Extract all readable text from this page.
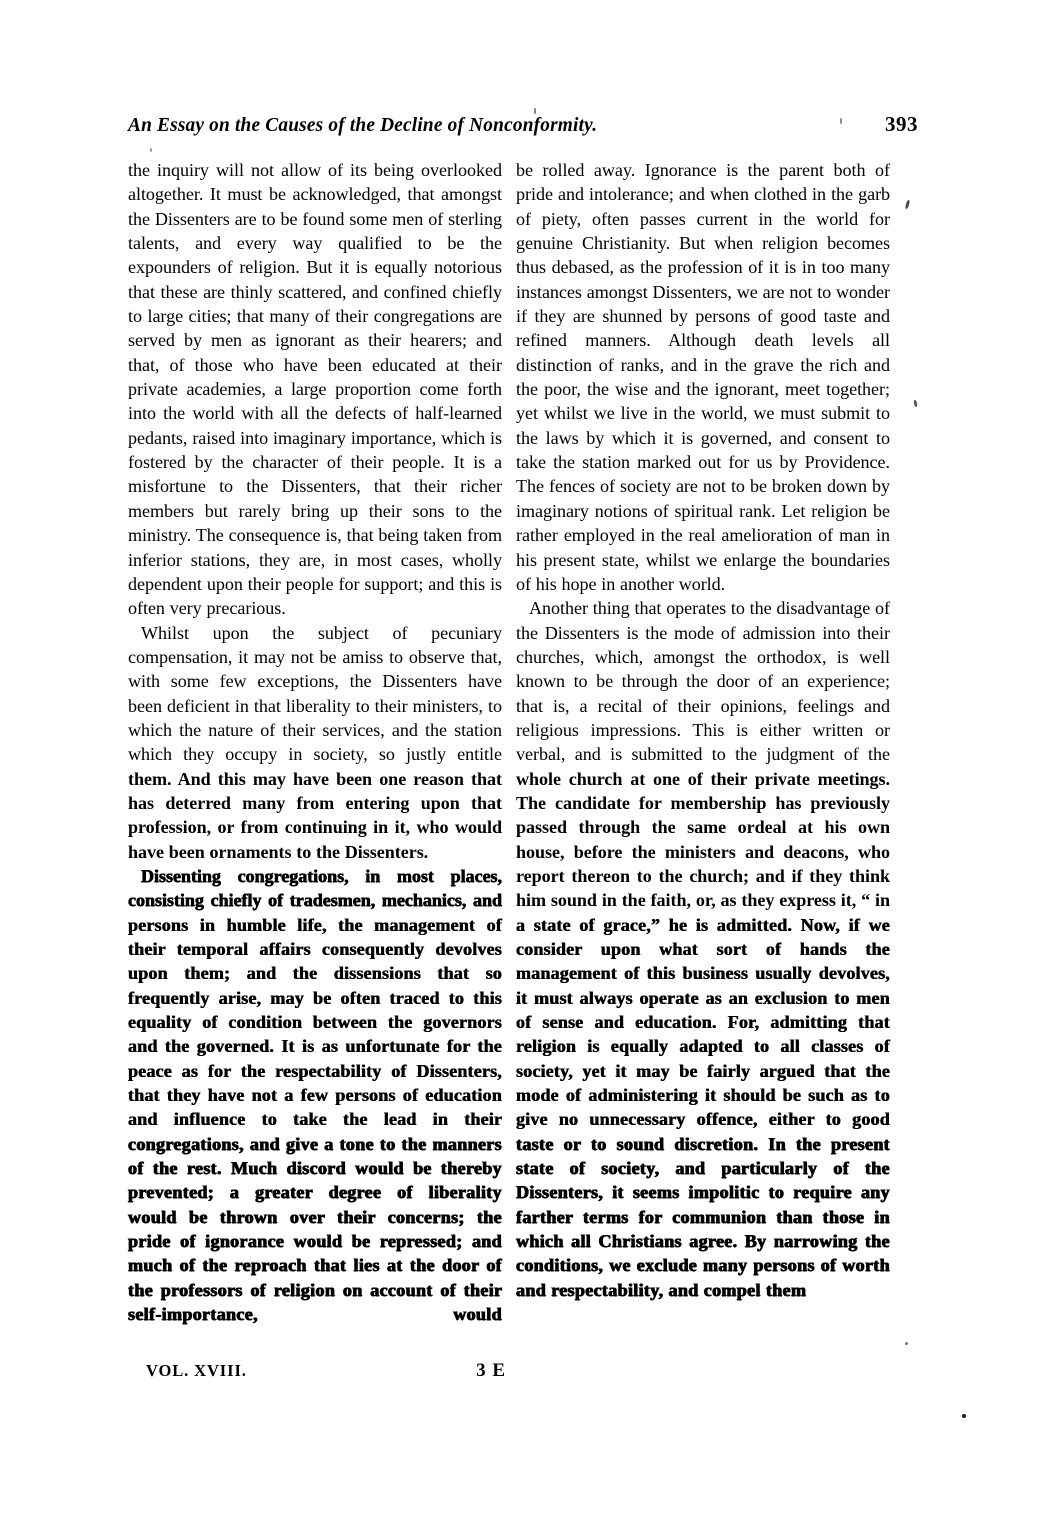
An Essay on the Causes of the Decline of Nonconformity.	393

the inquiry will not allow of its being overlooked altogether. It must be acknowledged, that amongst the Dissenters are to be found some men of sterling talents, and every way qualified to be the expounders of religion. But it is equally notorious that these are thinly scattered, and confined chiefly to large cities; that many of their congregations are served by men as ignorant as their hearers; and that, of those who have been educated at their private academies, a large proportion come forth into the world with all the defects of half-learned pedants, raised into imaginary importance, which is fostered by the character of their people. It is a misfortune to the Dissenters, that their richer members but rarely bring up their sons to the ministry. The consequence is, that being taken from inferior stations, they are, in most cases, wholly dependent upon their people for support; and this is often very precarious.

Whilst upon the subject of pecuniary compensation, it may not be amiss to observe that, with some few exceptions, the Dissenters have been deficient in that liberality to their ministers, to which the nature of their services, and the station which they occupy in society, so justly entitle them. And this may have been one reason that has deterred many from entering upon that profession, or from continuing in it, who would have been ornaments to the Dissenters.

Dissenting congregations, in most places, consisting chiefly of tradesmen, mechanics, and persons in humble life, the management of their temporal affairs consequently devolves upon them; and the dissensions that so frequently arise, may be often traced to this equality of condition between the governors and the governed. It is as unfortunate for the peace as for the respectability of Dissenters, that they have not a few persons of education and influence to take the lead in their congregations, and give a tone to the manners of the rest. Much discord would be thereby prevented; a greater degree of liberality would be thrown over their concerns; the pride of ignorance would be repressed; and much of the reproach that lies at the door of the professors of religion on account of their self-importance, would

be rolled away. Ignorance is the parent both of pride and intolerance; and when clothed in the garb of piety, often passes current in the world for genuine Christianity. But when religion becomes thus debased, as the profession of it is in too many instances amongst Dissenters, we are not to wonder if they are shunned by persons of good taste and refined manners. Although death levels all distinction of ranks, and in the grave the rich and the poor, the wise and the ignorant, meet together; yet whilst we live in the world, we must submit to the laws by which it is governed, and consent to take the station marked out for us by Providence. The fences of society are not to be broken down by imaginary notions of spiritual rank. Let religion be rather employed in the real amelioration of man in his present state, whilst we enlarge the boundaries of his hope in another world.

Another thing that operates to the disadvantage of the Dissenters is the mode of admission into their churches, which, amongst the orthodox, is well known to be through the door of an experience; that is, a recital of their opinions, feelings and religious impressions. This is either written or verbal, and is submitted to the judgment of the whole church at one of their private meetings. The candidate for membership has previously passed through the same ordeal at his own house, before the ministers and deacons, who report thereon to the church; and if they think him sound in the faith, or, as they express it, “ in a state of grace,” he is admitted. Now, if we consider upon what sort of hands the management of this business usually devolves, it must always operate as an exclusion to men of sense and education. For, admitting that religion is equally adapted to all classes of society, yet it may be fairly argued that the mode of administering it should be such as to give no unnecessary offence, either to good taste or to sound discretion. In the present state of society, and particularly of the Dissenters, it seems impolitic to require any farther terms for communion than those in which all Christians agree. By narrowing the conditions, we exclude many persons of worth and respectability, and compel them

VOL. XVIII.	3 E
